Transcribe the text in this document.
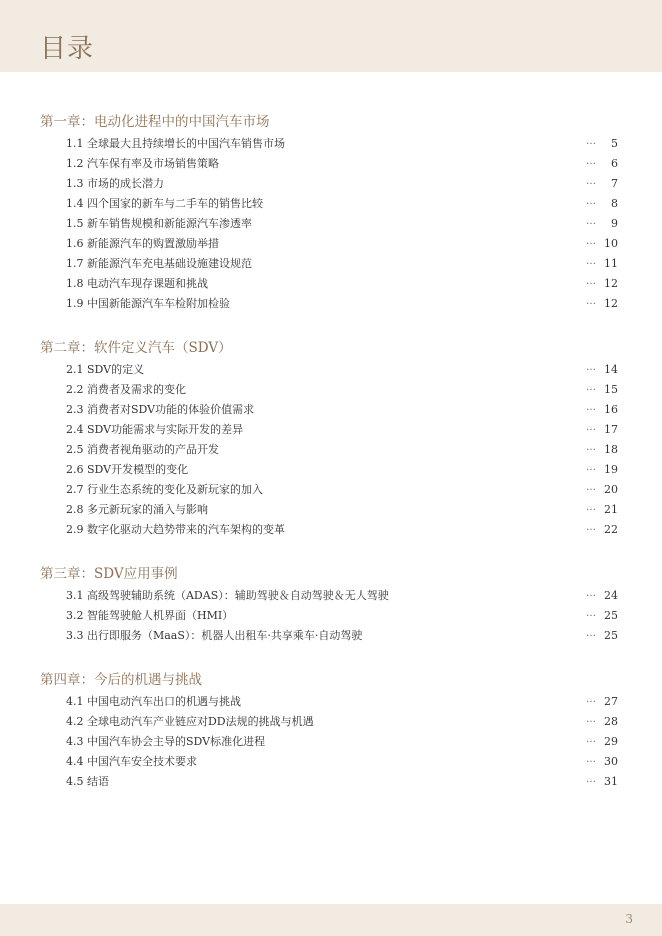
目录
第一章：电动化进程中的中国汽车市场
1.1 全球最大且持续增长的中国汽车销售市场	…	5
1.2 汽车保有率及市场销售策略	…	6
1.3 市场的成长潜力	…	7
1.4 四个国家的新车与二手车的销售比较	…	8
1.5 新车销售规模和新能源汽车渗透率	…	9
1.6 新能源汽车的购置激励举措	… 10
1.7 新能源汽车充电基础设施建设规范	… 11
1.8 电动汽车现存课题和挑战	… 12
1.9 中国新能源汽车车检附加检验	… 12
第二章：软件定义汽车（SDV）
2.1 SDV的定义	… 14
2.2 消费者及需求的变化	… 15
2.3 消费者对SDV功能的体验价值需求	… 16
2.4 SDV功能需求与实际开发的差异	… 17
2.5 消费者视角驱动的产品开发	… 18
2.6 SDV开发模型的变化	… 19
2.7 行业生态系统的变化及新玩家的加入	… 20
2.8 多元新玩家的涌入与影响	… 21
2.9 数字化驱动大趋势带来的汽车架构的变革	… 22
第三章：SDV应用事例
3.1 高级驾驶辅助系统（ADAS）：辅助驾驶＆自动驾驶＆无人驾驶	… 24
3.2 智能驾驶舱人机界面（HMI）	… 25
3.3 出行即服务（MaaS）：机器人出租车·共享乘车·自动驾驶	… 25
第四章：今后的机遇与挑战
4.1 中国电动汽车出口的机遇与挑战	… 27
4.2 全球电动汽车产业链应对DD法规的挑战与机遇	… 28
4.3 中国汽车协会主导的SDV标准化进程	… 29
4.4 中国汽车安全技术要求	… 30
4.5 结语	… 31
3
